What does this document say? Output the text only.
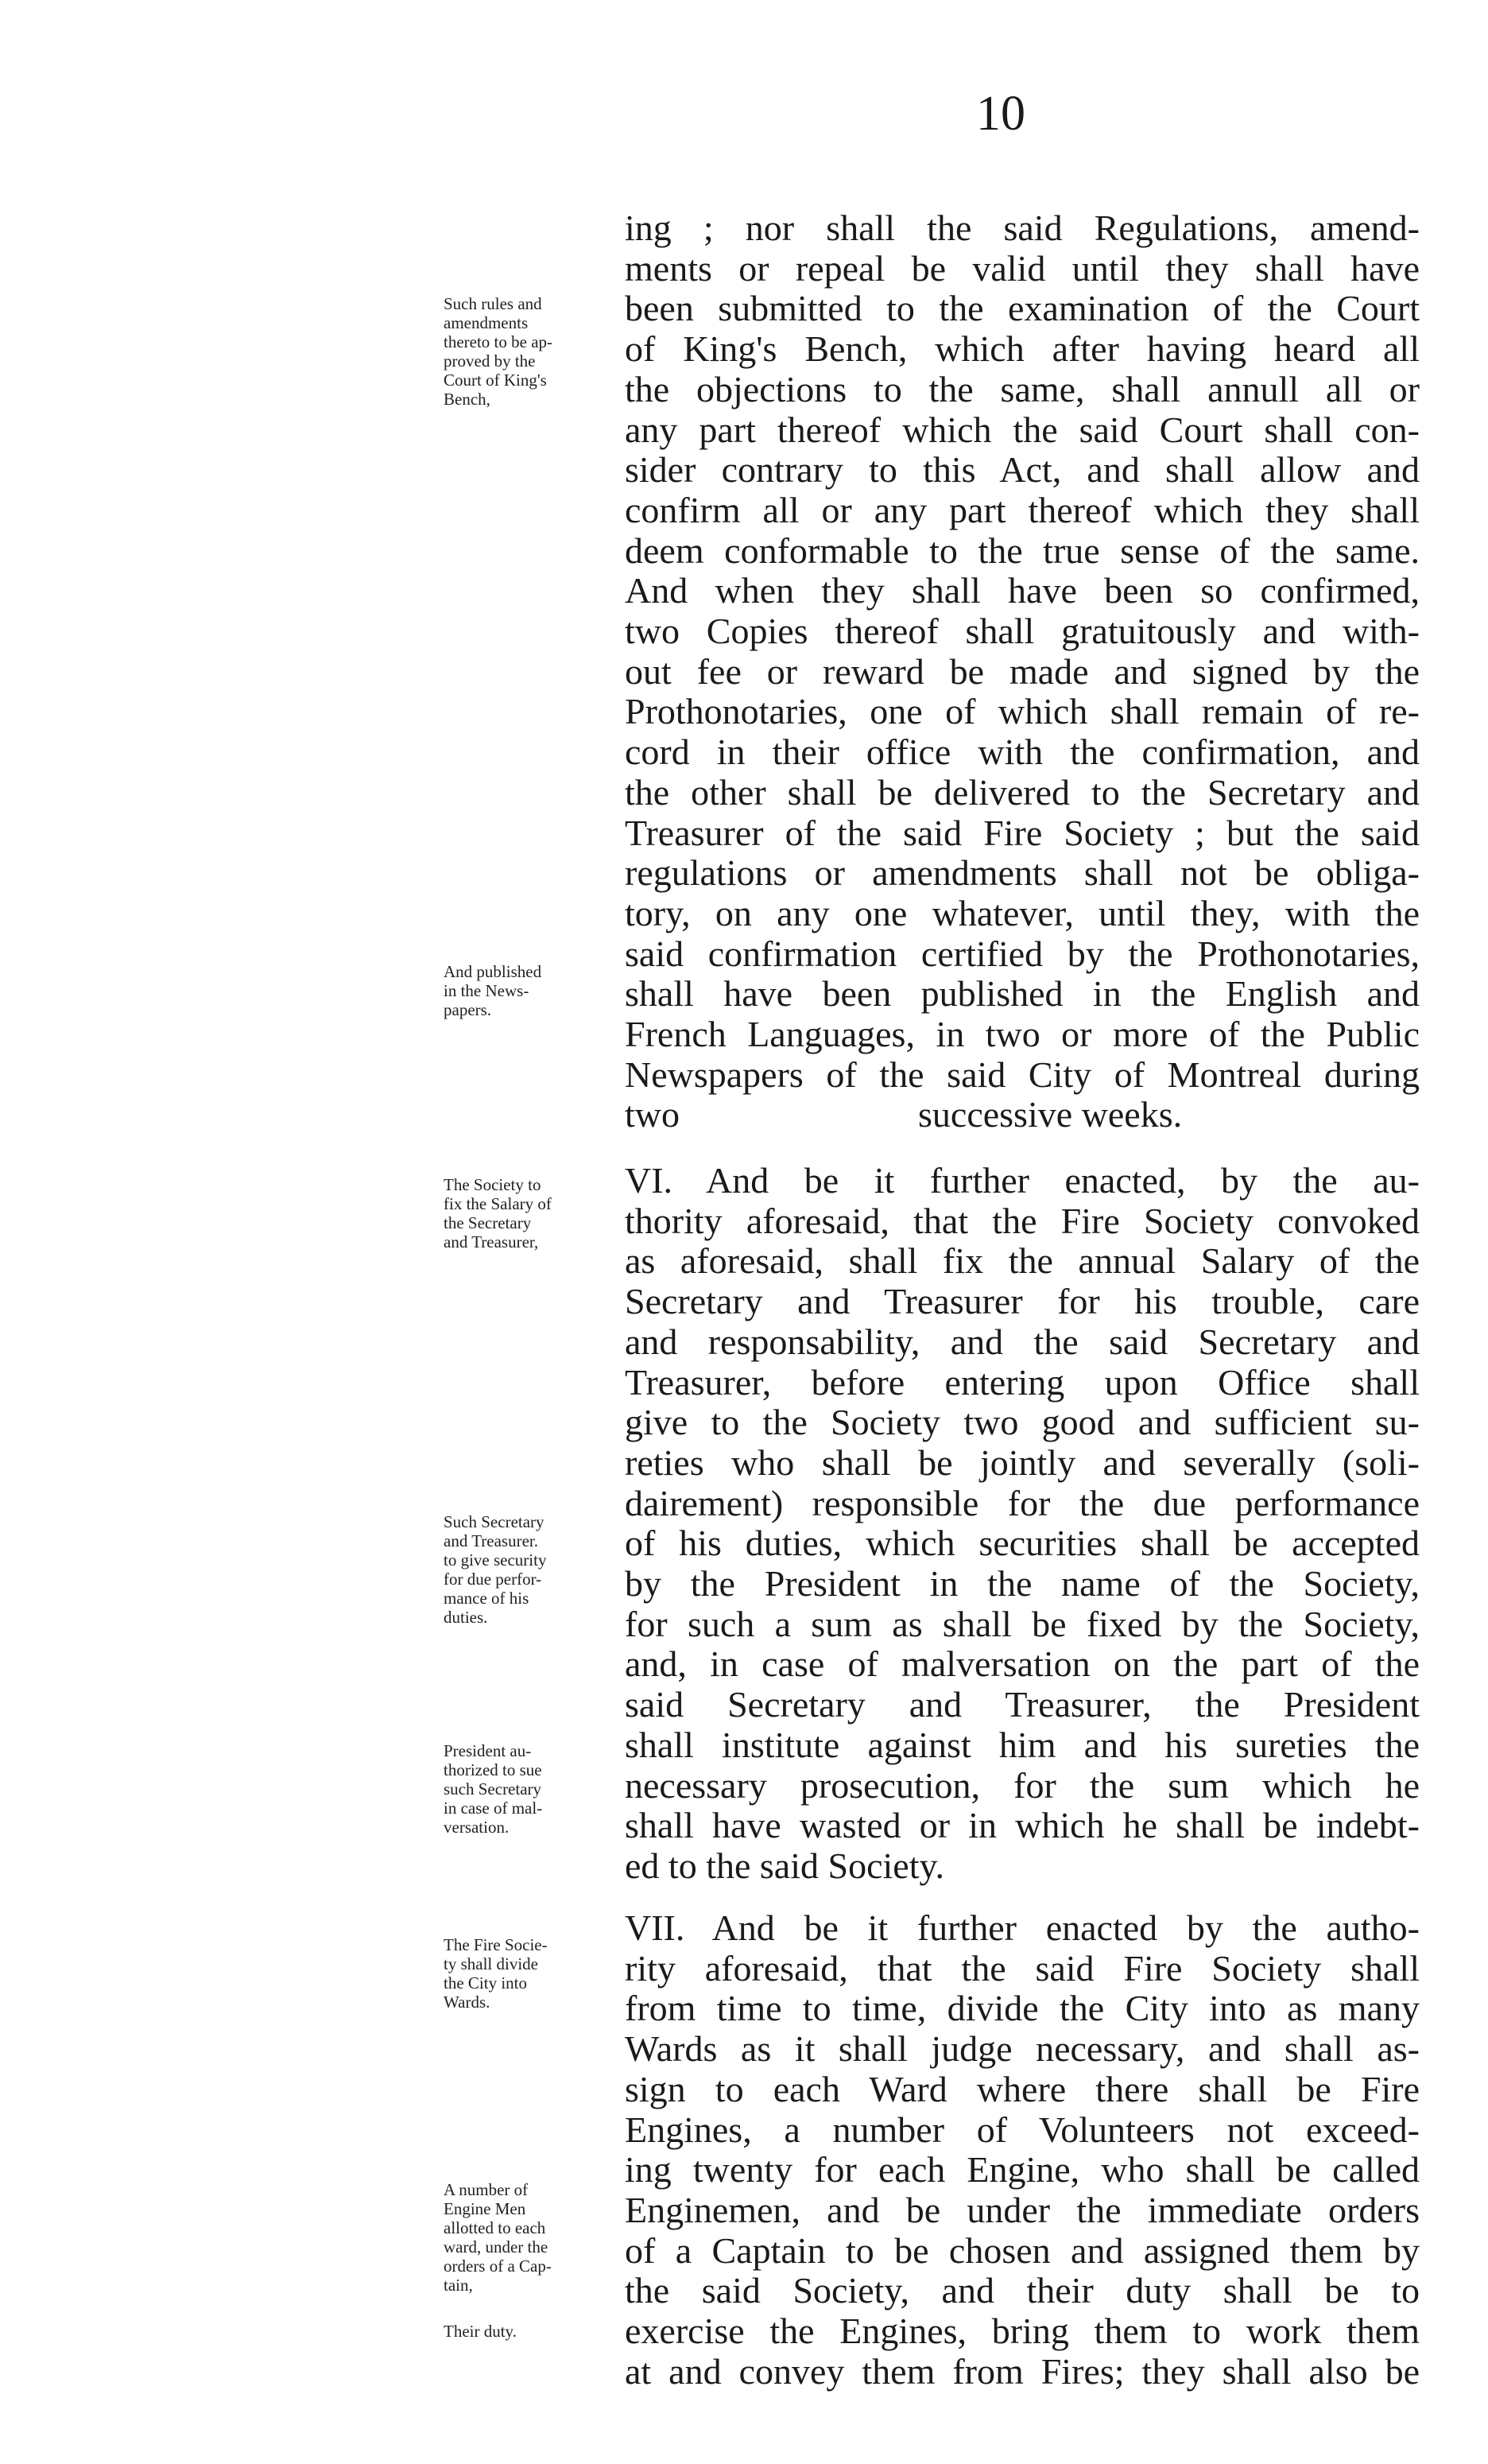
10
ing ; nor shall the said Regulations, amend-
ments or repeal be valid until they shall have
been submitted to the examination of the Court
of King's Bench, which after having heard all
the objections to the same, shall annull all or
any part thereof which the said Court shall con-
sider contrary to this Act, and shall allow and
confirm all or any part thereof which they shall
deem conformable to the true sense of the same.
And when they shall have been so confirmed,
two Copies thereof shall gratuitously and with-
out fee or reward be made and signed by the
Prothonotaries, one of which shall remain of re-
cord in their office with the confirmation, and
the other shall be delivered to the Secretary and
Treasurer of the said Fire Society ; but the said
regulations or amendments shall not be obliga-
tory, on any one whatever, until they, with the
said confirmation certified by the Prothonotaries,
shall have been published in the English and
French Languages, in two or more of the Public
Newspapers of the said City of Montreal during
two	successive weeks.
VI. And be it further enacted, by the au-
thority aforesaid, that the Fire Society convoked
as aforesaid, shall fix the annual Salary of the
Secretary and Treasurer for his trouble, care
and responsability, and the said Secretary and
Treasurer, before entering upon Office shall
give to the Society two good and sufficient su-
reties who shall be jointly and severally (soli-
dairement) responsible for the due performance
of his duties, which securities shall be accepted
by the President in the name of the Society,
for such a sum as shall be fixed by the Society,
and, in case of malversation on the part of the
said Secretary and Treasurer, the President
shall institute against him and his sureties the
necessary prosecution, for the sum which he
shall have wasted or in which he shall be indebt-
ed to the said Society.
VII. And be it further enacted by the autho-
rity aforesaid, that the said Fire Society shall
from time to time, divide the City into as many
Wards as it shall judge necessary, and shall as-
sign to each Ward where there shall be Fire
Engines, a number of Volunteers not exceed-
ing twenty for each Engine, who shall be called
Enginemen, and be under the immediate orders
of a Captain to be chosen and assigned them by
the said Society, and their duty shall be to
exercise the Engines, bring them to work them
at and convey them from Fires; they shall also be
Such rules and
amendments
thereto to be ap-
proved by the
Court of King's
Bench,
And published
in the News-
papers.
The Society to
fix the Salary of
the Secretary
and Treasurer,
Such Secretary
and Treasurer.
to give security
for due perfor-
mance of his
duties.
President au-
thorized to sue
such Secretary
in case of mal-
versation.
The Fire Socie-
ty shall divide
the City into
Wards.
A number of
Engine Men
allotted to each
ward, under the
orders of a Cap-
tain,
Their duty.
